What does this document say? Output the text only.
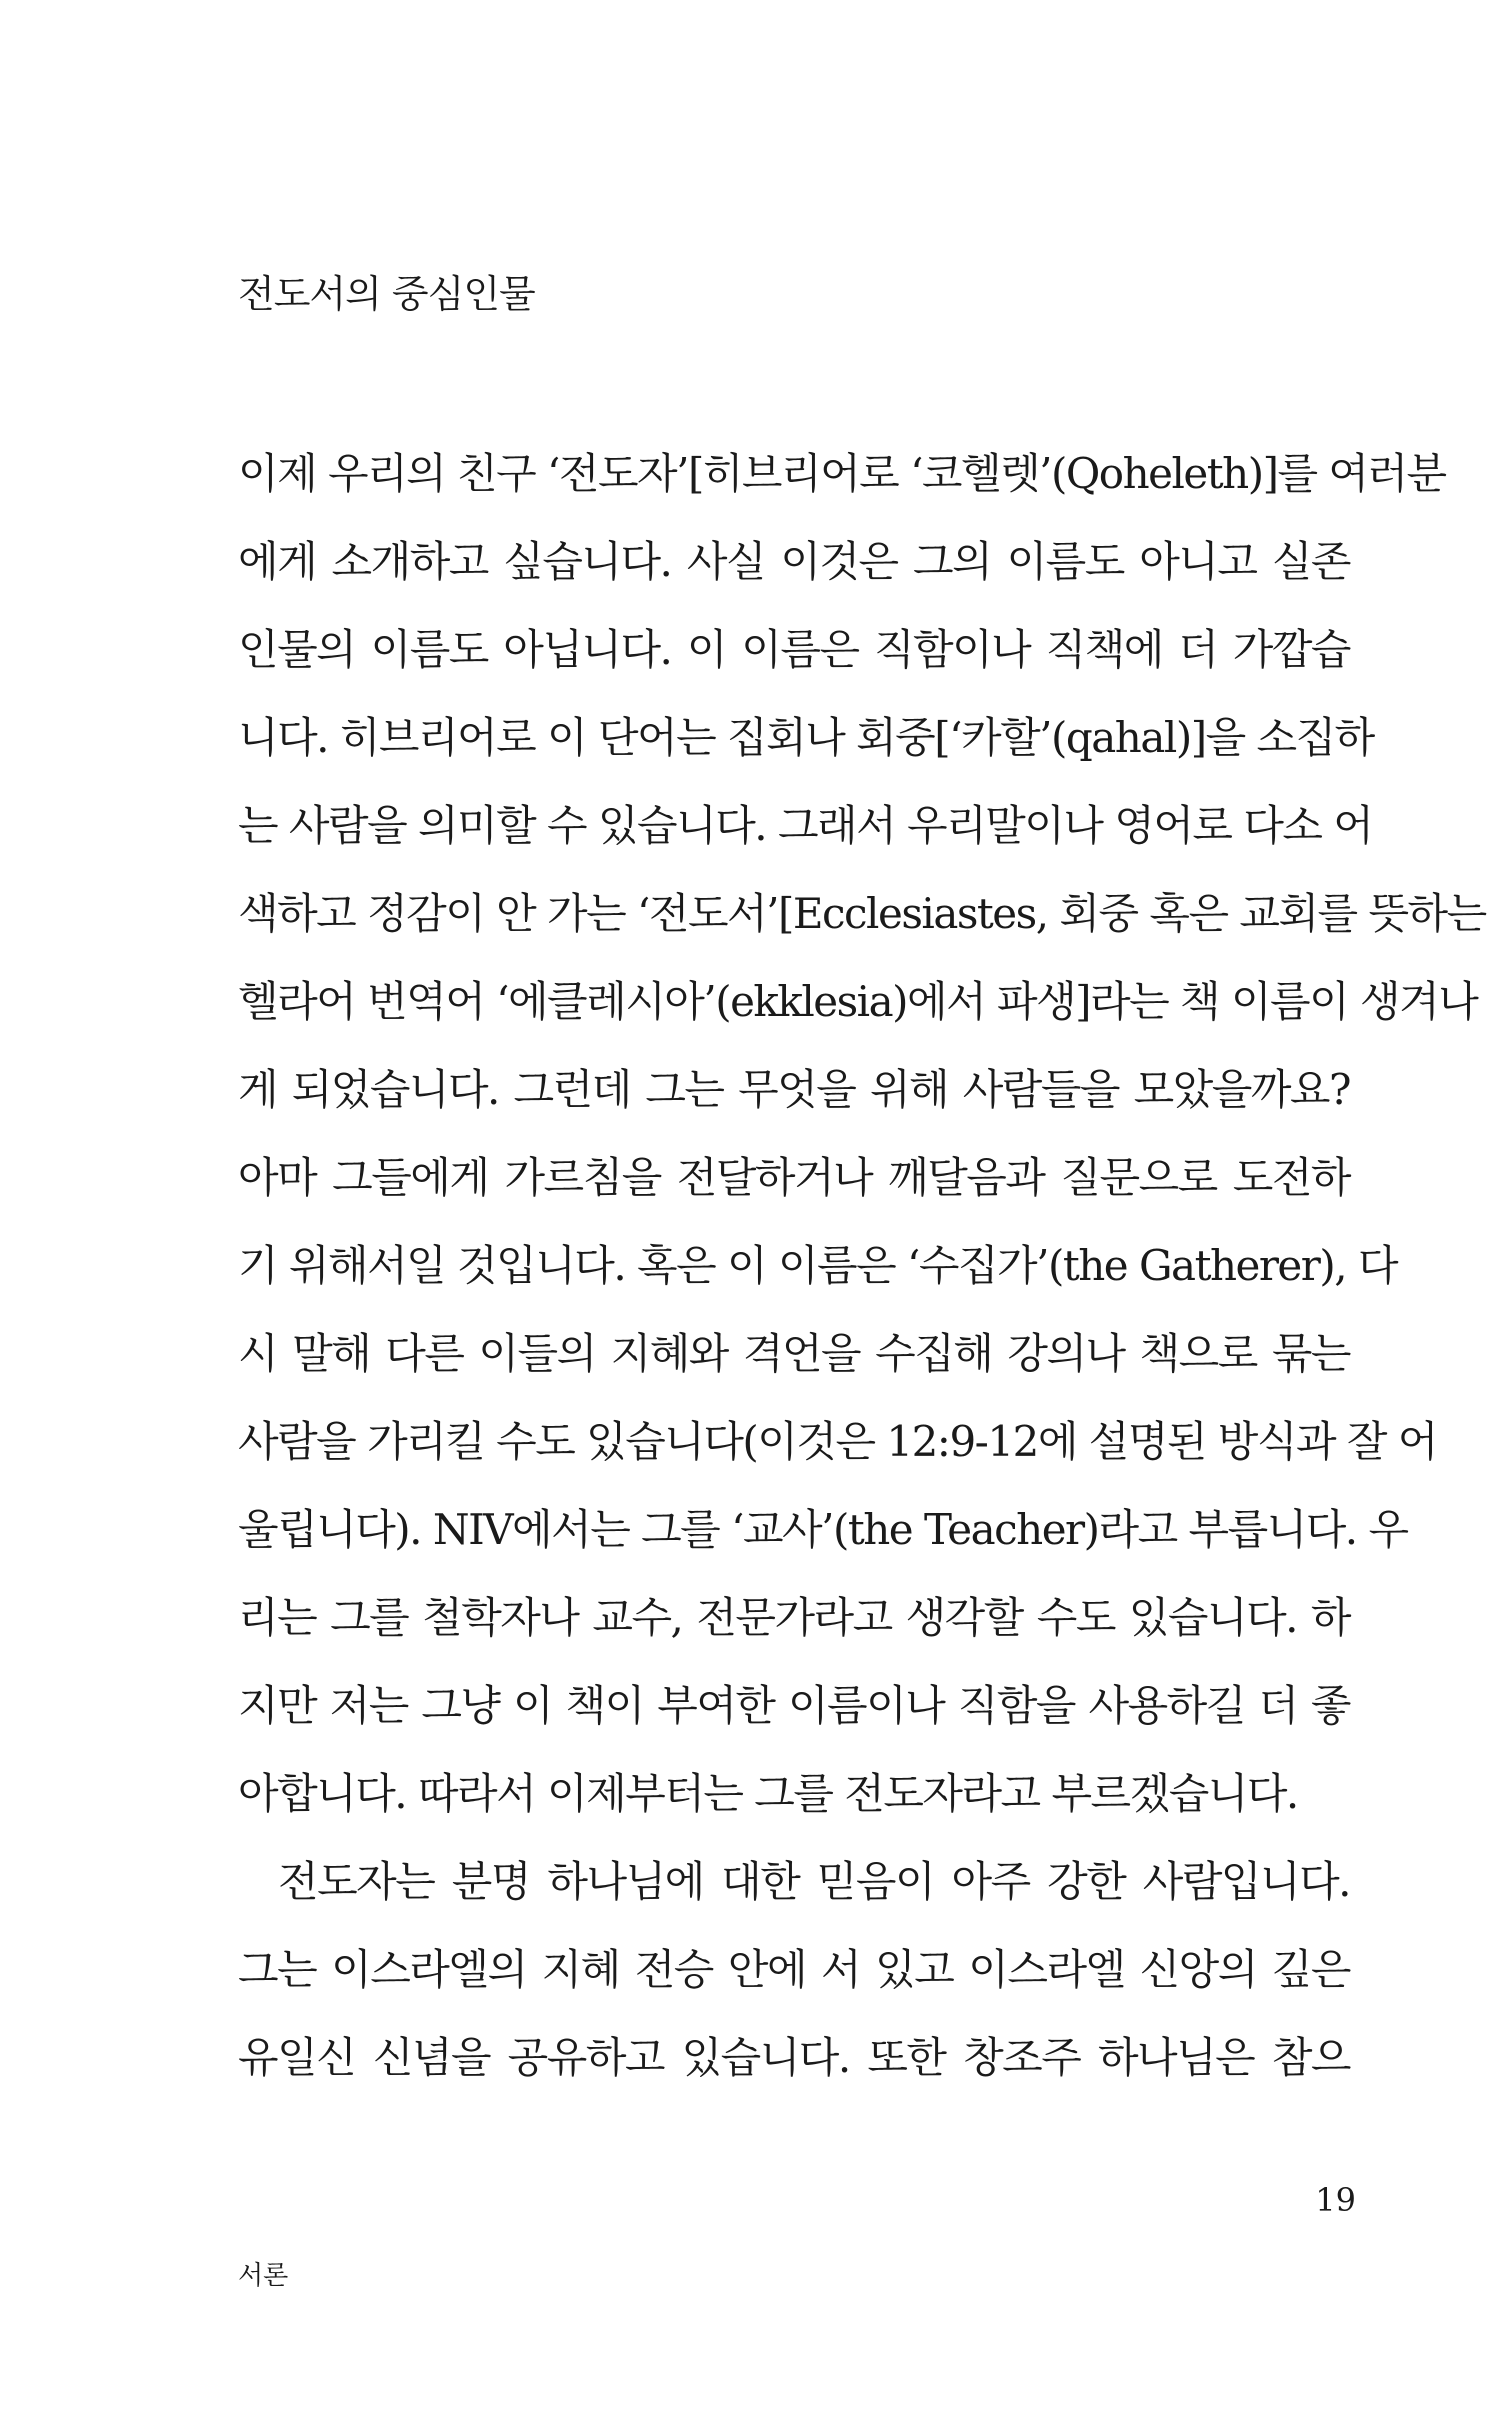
전도서의 중심인물
이제 우리의 친구 ‘전도자’[히브리어로 ‘코헬렛’(Qoheleth)]를 여러분
에게 소개하고 싶습니다. 사실 이것은 그의 이름도 아니고 실존
인물의 이름도 아닙니다. 이 이름은 직함이나 직책에 더 가깝습
니다. 히브리어로 이 단어는 집회나 회중[‘카할’(qahal)]을 소집하
는 사람을 의미할 수 있습니다. 그래서 우리말이나 영어로 다소 어
색하고 정감이 안 가는 ‘전도서’[Ecclesiastes, 회중 혹은 교회를 뜻하는
헬라어 번역어 ‘에클레시아’(ekklesia)에서 파생]라는 책 이름이 생겨나
게 되었습니다. 그런데 그는 무엇을 위해 사람들을 모았을까요?
아마 그들에게 가르침을 전달하거나 깨달음과 질문으로 도전하
기 위해서일 것입니다. 혹은 이 이름은 ‘수집가’(the Gatherer), 다
시 말해 다른 이들의 지혜와 격언을 수집해 강의나 책으로 묶는
사람을 가리킬 수도 있습니다(이것은 12:9-12에 설명된 방식과 잘 어
울립니다). NIV에서는 그를 ‘교사’(the Teacher)라고 부릅니다. 우
리는 그를 철학자나 교수, 전문가라고 생각할 수도 있습니다. 하
지만 저는 그냥 이 책이 부여한 이름이나 직함을 사용하길 더 좋
아합니다. 따라서 이제부터는 그를 전도자라고 부르겠습니다.
전도자는 분명 하나님에 대한 믿음이 아주 강한 사람입니다.
그는 이스라엘의 지혜 전승 안에 서 있고 이스라엘 신앙의 깊은
유일신 신념을 공유하고 있습니다. 또한 창조주 하나님은 참으
19
서론
